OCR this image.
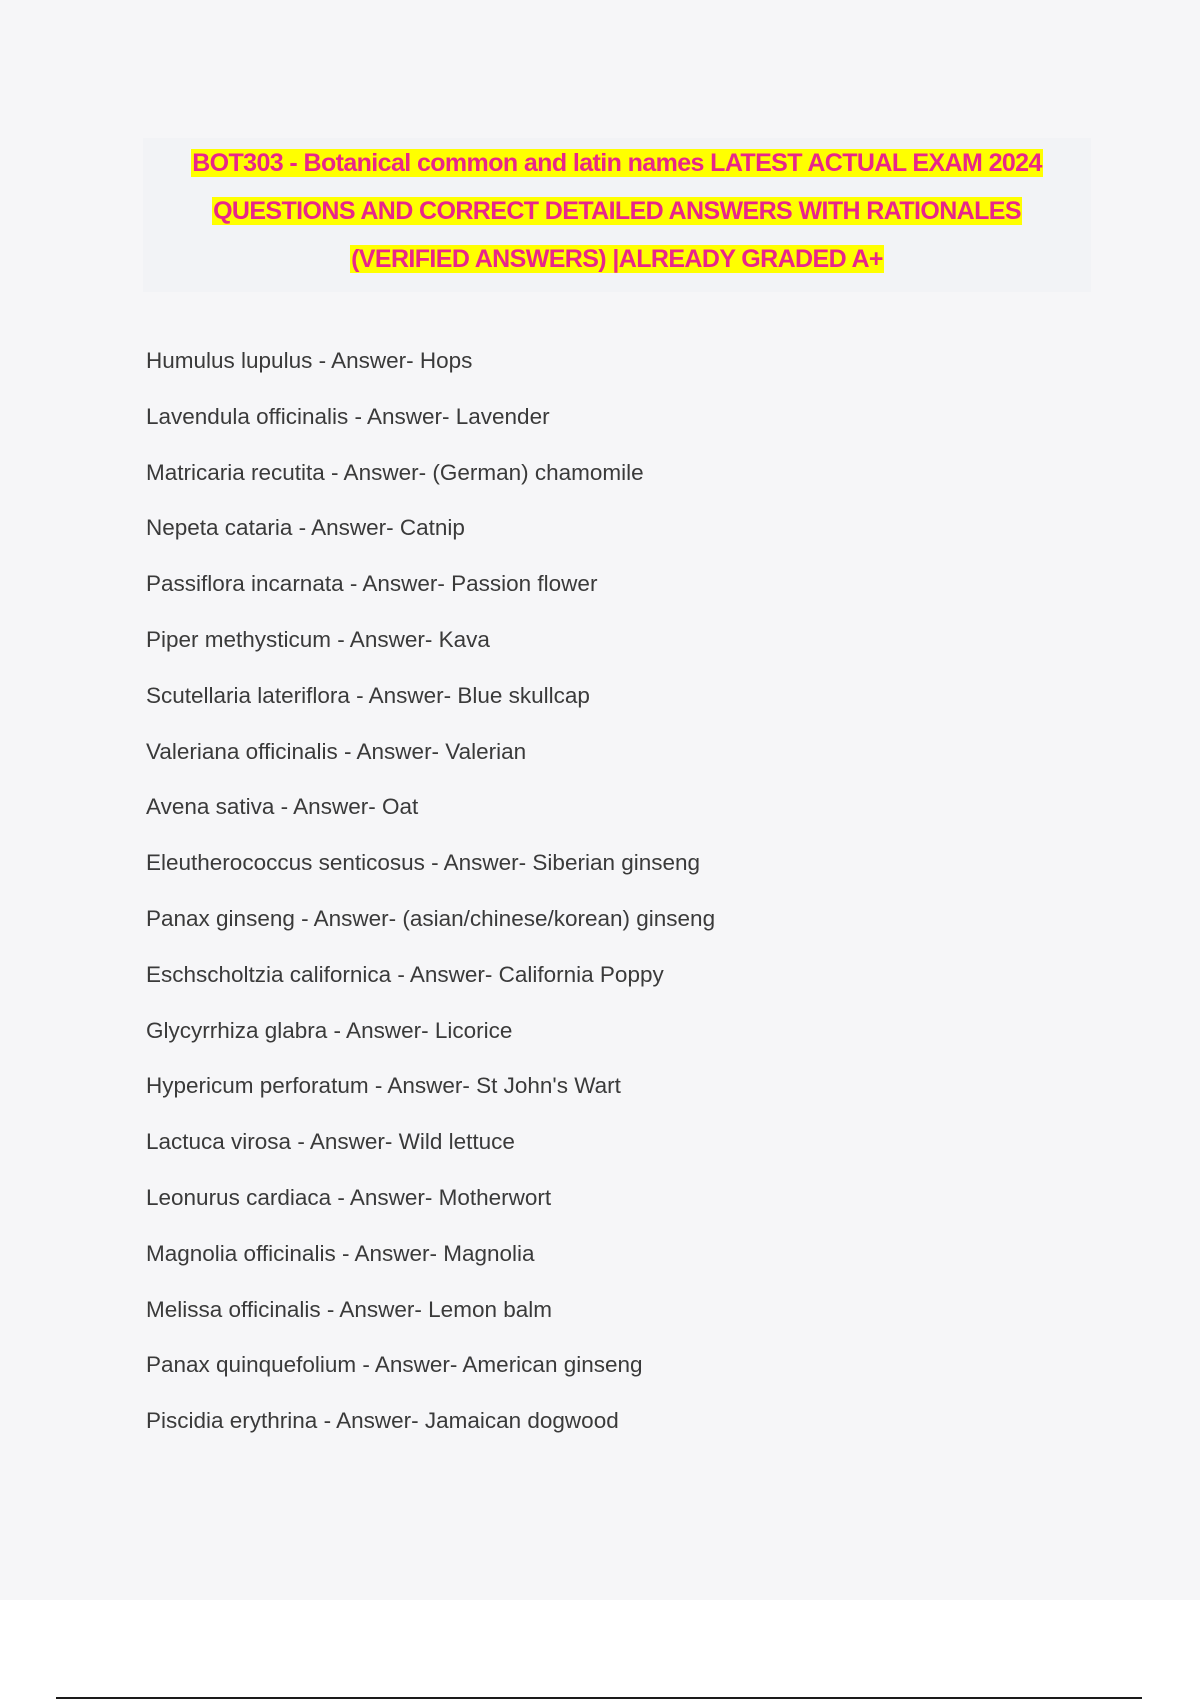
BOT303 - Botanical common and latin names LATEST ACTUAL EXAM 2024
QUESTIONS AND CORRECT DETAILED ANSWERS WITH RATIONALES
(VERIFIED ANSWERS) |ALREADY GRADED A+
Humulus lupulus - Answer- Hops
Lavendula officinalis - Answer- Lavender
Matricaria recutita - Answer- (German) chamomile
Nepeta cataria - Answer- Catnip
Passiflora incarnata - Answer- Passion flower
Piper methysticum - Answer- Kava
Scutellaria lateriflora - Answer- Blue skullcap
Valeriana officinalis - Answer- Valerian
Avena sativa - Answer- Oat
Eleutherococcus senticosus - Answer- Siberian ginseng
Panax ginseng - Answer- (asian/chinese/korean) ginseng
Eschscholtzia californica - Answer- California Poppy
Glycyrrhiza glabra - Answer- Licorice
Hypericum perforatum - Answer- St John's Wart
Lactuca virosa - Answer- Wild lettuce
Leonurus cardiaca - Answer- Motherwort
Magnolia officinalis - Answer- Magnolia
Melissa officinalis - Answer- Lemon balm
Panax quinquefolium - Answer- American ginseng
Piscidia erythrina - Answer- Jamaican dogwood
